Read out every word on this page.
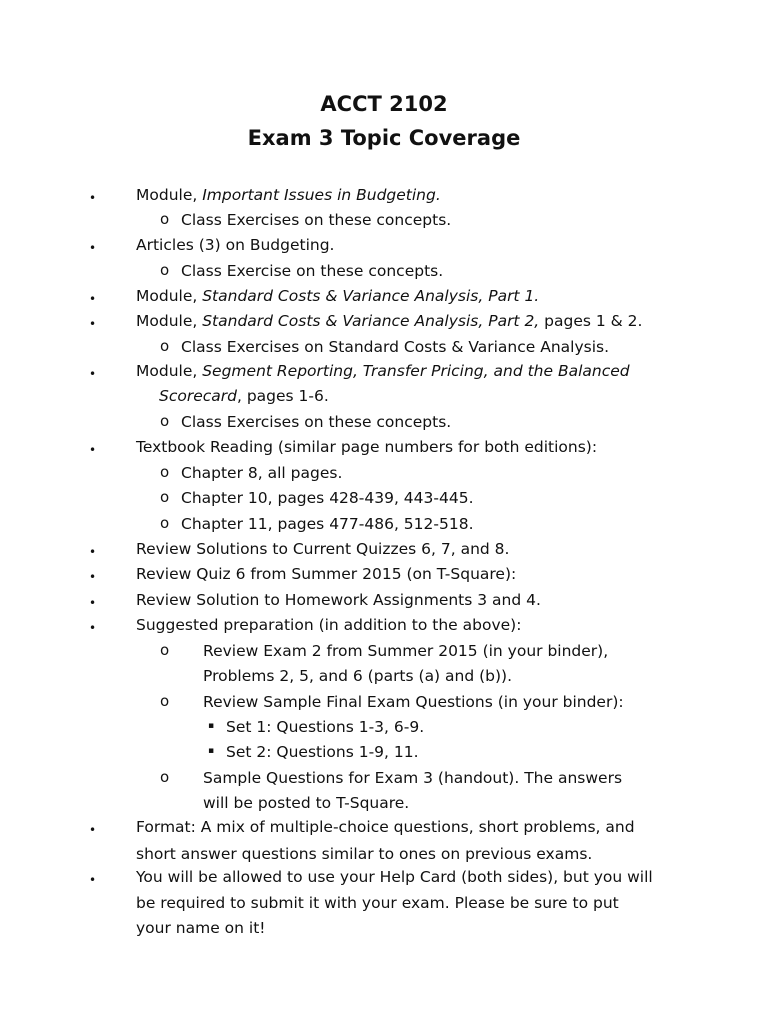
ACCT 2102
Exam 3 Topic Coverage
•	Module, Important Issues in Budgeting.
o Class Exercises on these concepts.
•	Articles (3) on Budgeting.
o Class Exercise on these concepts.
•	Module, Standard Costs & Variance Analysis, Part 1.
•	Module, Standard Costs & Variance Analysis, Part 2, pages 1 & 2.
o Class Exercises on Standard Costs & Variance Analysis.
•	Module, Segment Reporting, Transfer Pricing, and the Balanced
Scorecard, pages 1-6.
o Class Exercises on these concepts.
•	Textbook Reading (similar page numbers for both editions):
o Chapter 8, all pages.
o Chapter 10, pages 428-439, 443-445.
o Chapter 11, pages 477-486, 512-518.
•	Review Solutions to Current Quizzes 6, 7, and 8.
•	Review Quiz 6 from Summer 2015 (on T-Square):
•	Review Solution to Homework Assignments 3 and 4.
•	Suggested preparation (in addition to the above):
o Review Exam 2 from Summer 2015 (in your binder),
Problems 2, 5, and 6 (parts (a) and (b)).
o Review Sample Final Exam Questions (in your binder):
▪ Set 1: Questions 1-3, 6-9.
▪ Set 2: Questions 1-9, 11.
o Sample Questions for Exam 3 (handout). The answers
will be posted to T-Square.
•	Format: A mix of multiple-choice questions, short problems, and
short answer questions similar to ones on previous exams.
•	You will be allowed to use your Help Card (both sides), but you will
be required to submit it with your exam. Please be sure to put
your name on it!
